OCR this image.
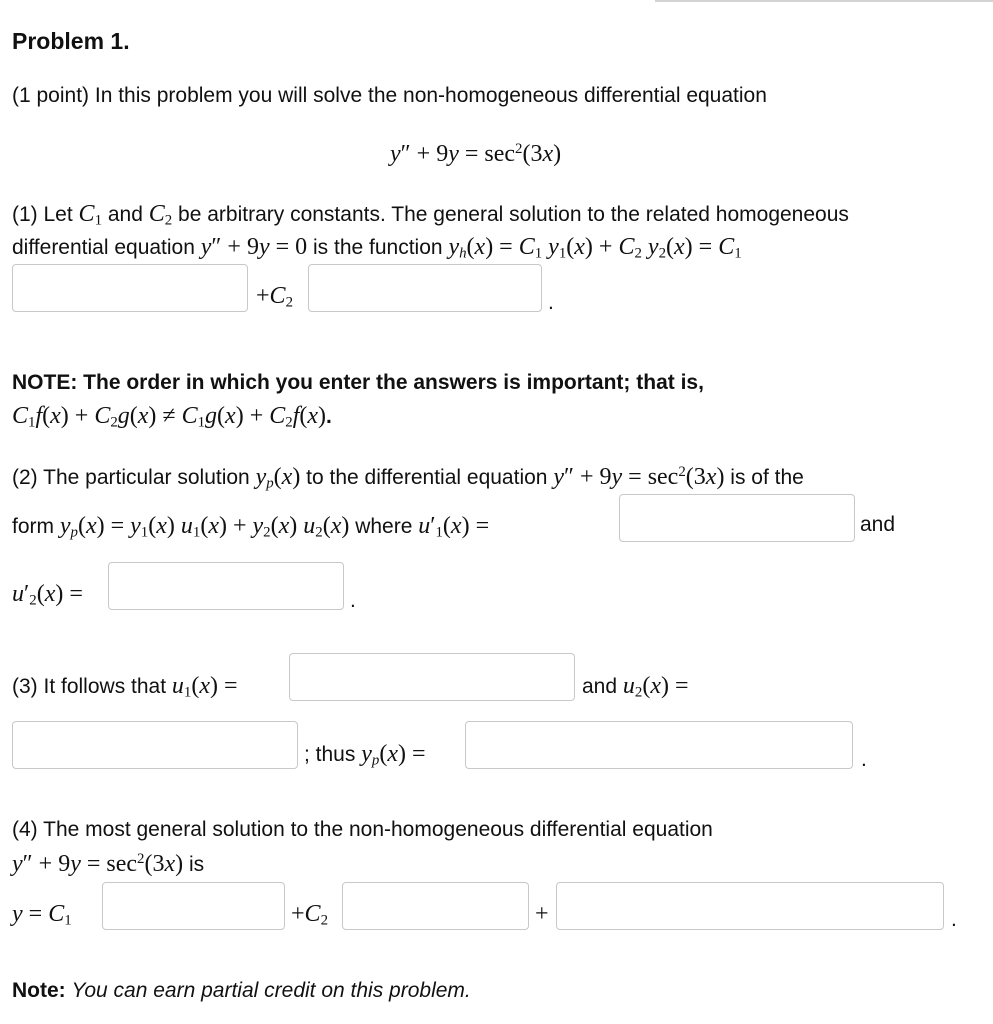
Problem 1.
(1 point) In this problem you will solve the non-homogeneous differential equation
$y'' + 9y = \sec^2(3x)$
(1) Let $C_1$ and $C_2$ be arbitrary constants. The general solution to the related homogeneous
differential equation y″ + 9y = 0 is the function $y_h(x) = C_1$ $y_1(x) + C_2$ $y_2(x) = C_1$
$+C_2$	.
NOTE: The order in which you enter the answers is important; that is,
$C_1f(x) + C_2g(x) \ne C_1g(x) + C_2f(x)$.
(2) The particular solution $y_p(x)$ to the differential equation $y'' + 9y = \sec^2(3x)$ is of the
form $y_p(x) = y_1(x) u_1(x) + y_2(x)$ $u_2(x)$ where $u'_1(x)$ =	and
$u'_2(x)$ =	.
(3) It follows that $u_1(x)$ =	and $u_2(x)$ =
; thus $y_p(x)$ =	.
(4) The most general solution to the non-homogeneous differential equation
$y'' + 9y = \sec^2(3x)$ is
$y = C_1$	$+C_2$	+	.
Note: You can earn partial credit on this problem.
